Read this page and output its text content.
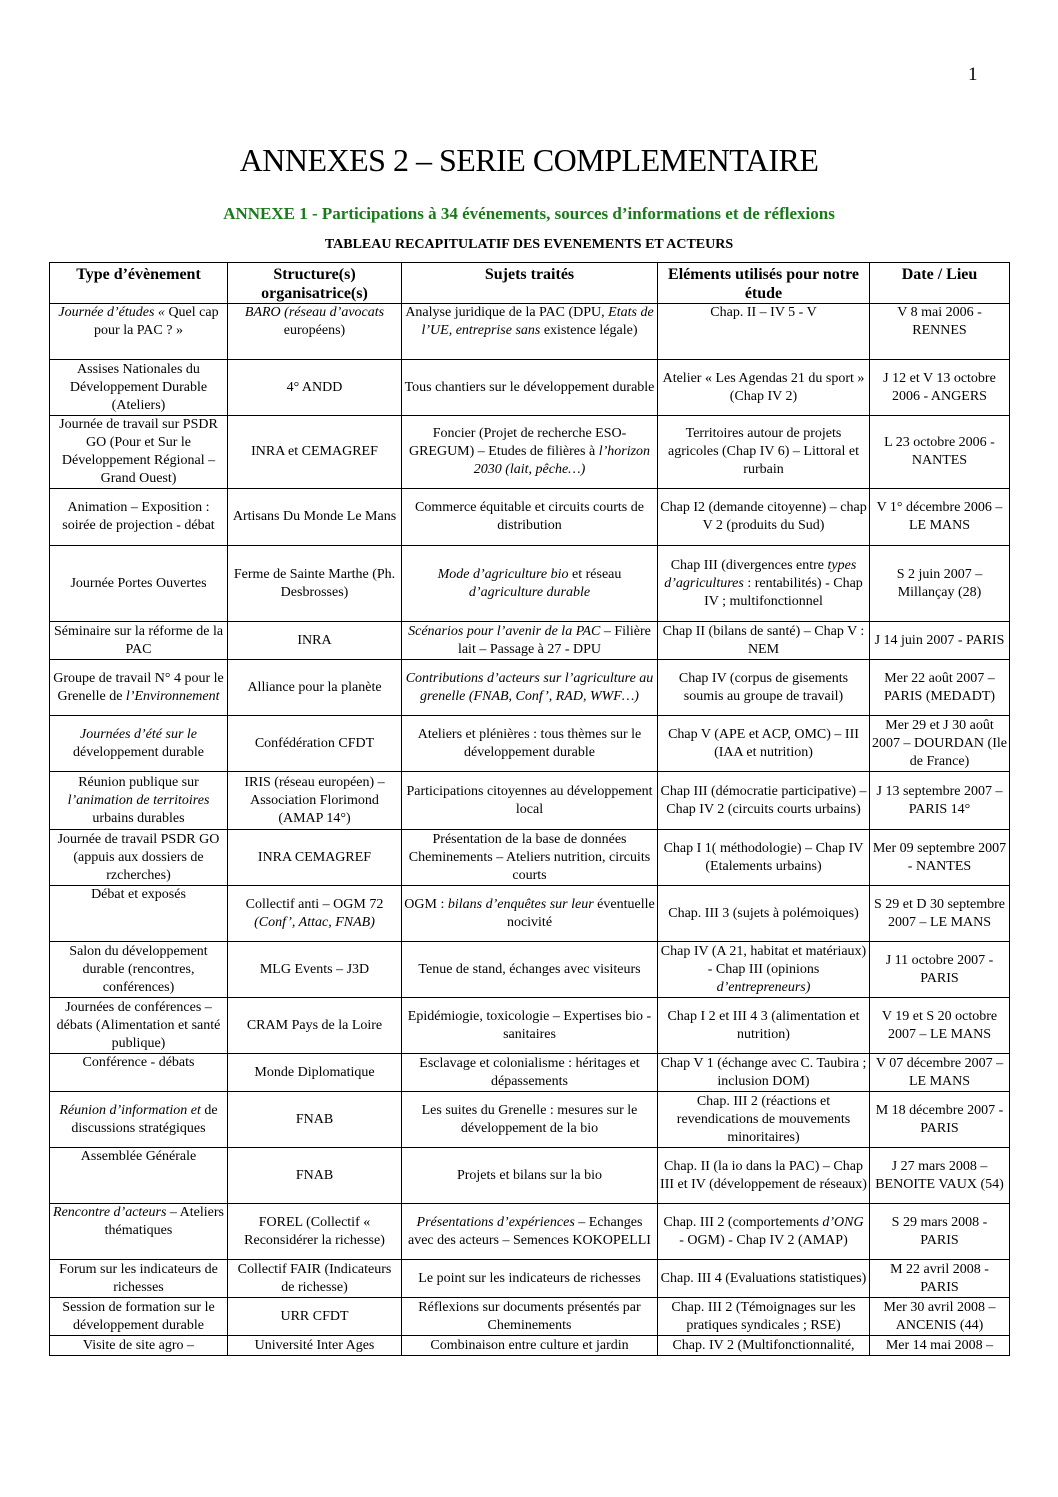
1
ANNEXES 2 – SERIE COMPLEMENTAIRE
ANNEXE 1 - Participations à 34 événements, sources d’informations et de réflexions
TABLEAU RECAPITULATIF DES EVENEMENTS ET ACTEURS
Type d’évènement	Structure(s) organisatrice(s)	Sujets traités	Eléments utilisés pour notre étude	Date / Lieu
Journée d’études « Quel cap pour la PAC ? »	BARO (réseau d’avocats européens)	Analyse juridique de la PAC (DPU, Etats de l’UE, entreprise sans existence légale)	Chap. II – IV 5 - V	V 8 mai 2006 - RENNES
Assises Nationales du Développement Durable (Ateliers)	4° ANDD	Tous chantiers sur le développement durable	Atelier « Les Agendas 21 du sport » (Chap IV 2)	J 12 et V 13 octobre 2006 - ANGERS
Journée de travail sur PSDR GO (Pour et Sur le Développement Régional – Grand Ouest)	INRA et CEMAGREF	Foncier (Projet de recherche ESO-GREGUM) – Etudes de filières à l’horizon 2030 (lait, pêche…)	Territoires autour de projets agricoles (Chap IV 6) – Littoral et rurbain	L 23 octobre 2006 - NANTES
Animation – Exposition : soirée de projection - débat	Artisans Du Monde Le Mans	Commerce équitable et circuits courts de distribution	Chap I2 (demande citoyenne) – chap V 2 (produits du Sud)	V 1° décembre 2006 – LE MANS
Journée Portes Ouvertes	Ferme de Sainte Marthe (Ph. Desbrosses)	Mode d’agriculture bio et réseau d’agriculture durable	Chap III (divergences entre types d’agricultures : rentabilités) - Chap IV ; multifonctionnel	S 2 juin 2007 – Millançay (28)
Séminaire sur la réforme de la PAC	INRA	Scénarios pour l’avenir de la PAC – Filière lait – Passage à 27 - DPU	Chap II (bilans de santé) – Chap V : NEM	J 14 juin 2007 - PARIS
Groupe de travail N° 4 pour le Grenelle de l’Environnement	Alliance pour la planète	Contributions d’acteurs sur l’agriculture au grenelle (FNAB, Conf’, RAD, WWF…)	Chap IV (corpus de gisements soumis au groupe de travail)	Mer 22 août 2007 – PARIS (MEDADT)
Journées d’été sur le développement durable	Confédération CFDT	Ateliers et plénières : tous thèmes sur le développement durable	Chap V (APE et ACP, OMC) – III (IAA et nutrition)	Mer 29 et J 30 août 2007 – DOURDAN (Ile de France)
Réunion publique sur l’animation de territoires urbains durables	IRIS (réseau européen) – Association Florimond (AMAP 14°)	Participations citoyennes au développement local	Chap III (démocratie participative) – Chap IV 2 (circuits courts urbains)	J 13 septembre 2007 – PARIS 14°
Journée de travail PSDR GO (appuis aux dossiers de rzcherches)	INRA CEMAGREF	Présentation de la base de données Cheminements – Ateliers nutrition, circuits courts	Chap I 1( méthodologie) – Chap IV (Etalements urbains)	Mer 09 septembre 2007 - NANTES
Débat et exposés	Collectif anti – OGM 72 (Conf’, Attac, FNAB)	OGM : bilans d’enquêtes sur leur éventuelle nocivité	Chap. III 3 (sujets à polémoiques)	S 29 et D 30 septembre 2007 – LE MANS
Salon du développement durable (rencontres, conférences)	MLG Events – J3D	Tenue de stand, échanges avec visiteurs	Chap IV (A 21, habitat et matériaux) - Chap III (opinions d’entrepreneurs)	J 11 octobre 2007 - PARIS
Journées de conférences – débats (Alimentation et santé publique)	CRAM Pays de la Loire	Epidémiogie, toxicologie – Expertises bio - sanitaires	Chap I 2 et III 4 3 (alimentation et nutrition)	V 19 et S 20 octobre 2007 – LE MANS
Conférence - débats	Monde Diplomatique	Esclavage et colonialisme : héritages et dépassements	Chap V 1 (échange avec C. Taubira ; inclusion DOM)	V 07 décembre 2007 – LE MANS
Réunion d’information et de discussions stratégiques	FNAB	Les suites du Grenelle : mesures sur le développement de la bio	Chap. III 2 (réactions et revendications de mouvements minoritaires)	M 18 décembre 2007 - PARIS
Assemblée Générale	FNAB	Projets et bilans sur la bio	Chap. II (la io dans la PAC) – Chap III et IV (développement de réseaux)	J 27 mars 2008 – BENOITE VAUX (54)
Rencontre d’acteurs – Ateliers thématiques	FOREL (Collectif « Reconsidérer la richesse)	Présentations d’expériences – Echanges avec des acteurs – Semences KOKOPELLI	Chap. III 2 (comportements d’ONG - OGM) - Chap IV 2 (AMAP)	S 29 mars 2008 - PARIS
Forum sur les indicateurs de richesses	Collectif FAIR (Indicateurs de richesse)	Le point sur les indicateurs de richesses	Chap. III 4 (Evaluations statistiques)	M 22 avril 2008 - PARIS
Session de formation sur le développement durable	URR CFDT	Réflexions sur documents présentés par Cheminements	Chap. III 2 (Témoignages sur les pratiques syndicales ; RSE)	Mer 30 avril 2008 – ANCENIS (44)
Visite de site agro –	Université Inter Ages	Combinaison entre culture et jardin	Chap. IV 2 (Multifonctionnalité,	Mer 14 mai 2008 –
